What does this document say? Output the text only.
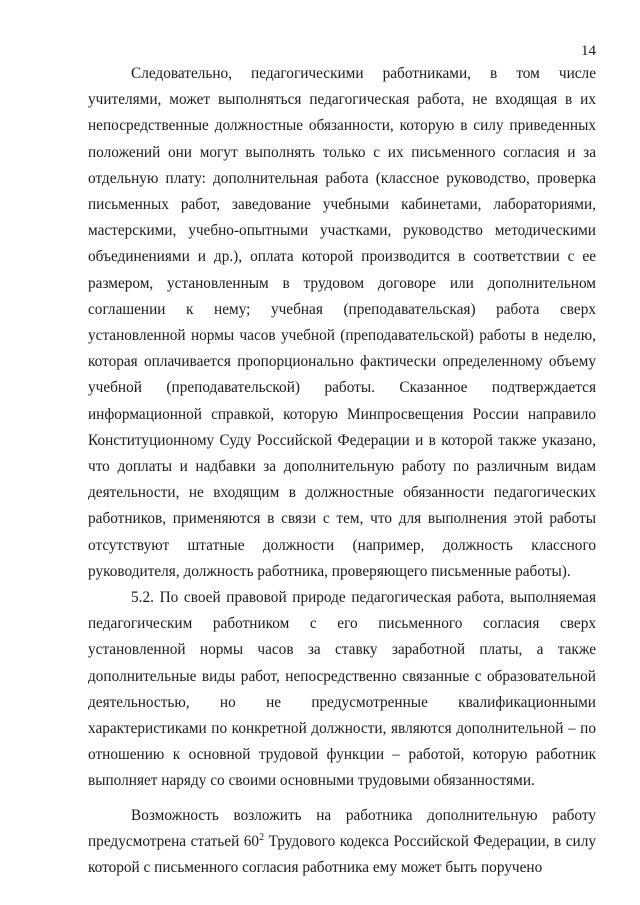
14

Следовательно, педагогическими работниками, в том числе учителями, может выполняться педагогическая работа, не входящая в их непосредственные должностные обязанности, которую в силу приведенных положений они могут выполнять только с их письменного согласия и за отдельную плату: дополнительная работа (классное руководство, проверка письменных работ, заведование учебными кабинетами, лабораториями, мастерскими, учебно-опытными участками, руководство методическими объединениями и др.), оплата которой производится в соответствии с ее размером, установленным в трудовом договоре или дополнительном соглашении к нему; учебная (преподавательская) работа сверх установленной нормы часов учебной (преподавательской) работы в неделю, которая оплачивается пропорционально фактически определенному объему учебной (преподавательской) работы. Сказанное подтверждается информационной справкой, которую Минпросвещения России направило Конституционному Суду Российской Федерации и в которой также указано, что доплаты и надбавки за дополнительную работу по различным видам деятельности, не входящим в должностные обязанности педагогических работников, применяются в связи с тем, что для выполнения этой работы отсутствуют штатные должности (например, должность классного руководителя, должность работника, проверяющего письменные работы).

5.2. По своей правовой природе педагогическая работа, выполняемая педагогическим работником с его письменного согласия сверх установленной нормы часов за ставку заработной платы, а также дополнительные виды работ, непосредственно связанные с образовательной деятельностью, но не предусмотренные квалификационными характеристиками по конкретной должности, являются дополнительной – по отношению к основной трудовой функции – работой, которую работник выполняет наряду со своими основными трудовыми обязанностями.

Возможность возложить на работника дополнительную работу предусмотрена статьей $60^2$ Трудового кодекса Российской Федерации, в силу которой с письменного согласия работника ему может быть поручено
